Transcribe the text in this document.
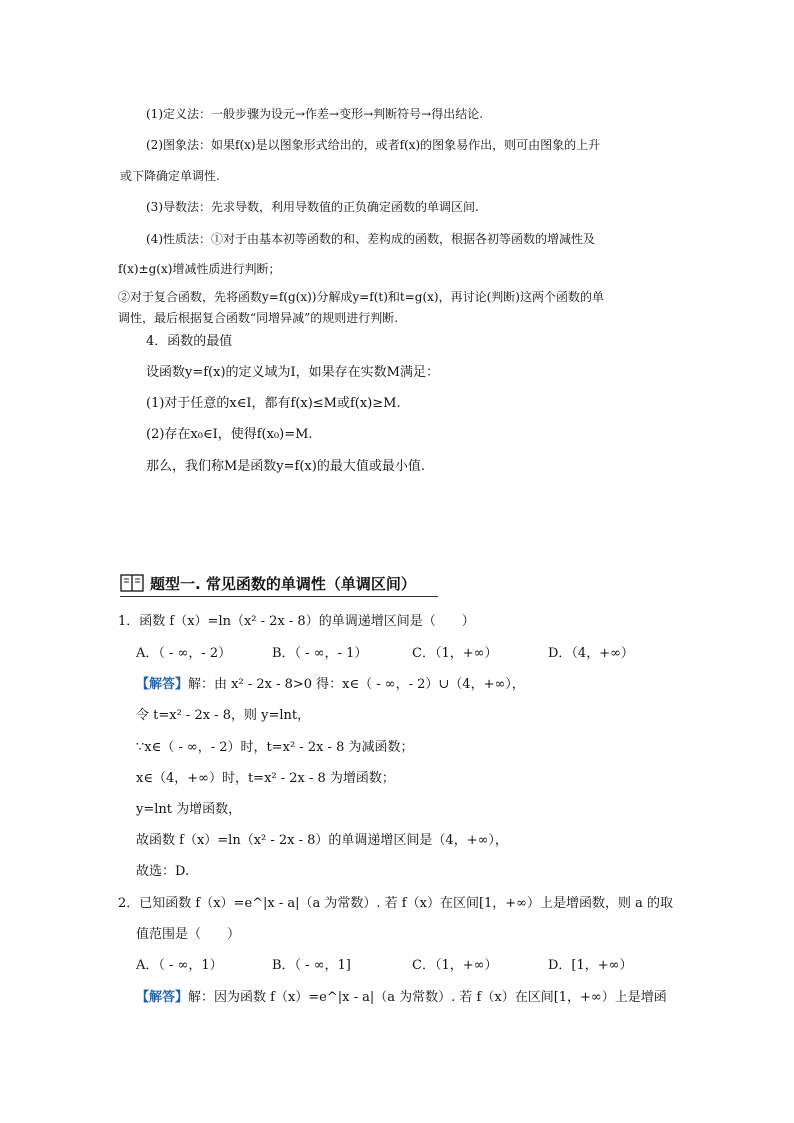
(1)定义法：一般步骤为设元→作差→变形→判断符号→得出结论.
(2)图象法：如果f(x)是以图象形式给出的，或者f(x)的图象易作出，则可由图象的上升
或下降确定单调性.
(3)导数法：先求导数，利用导数值的正负确定函数的单调区间.
(4)性质法：①对于由基本初等函数的和、差构成的函数，根据各初等函数的增减性及
f(x)±g(x)增减性质进行判断；
②对于复合函数，先将函数y=f(g(x))分解成y=f(t)和t=g(x)，再讨论(判断)这两个函数的单
调性，最后根据复合函数“同增异减”的规则进行判断.
4．函数的最值
设函数y=f(x)的定义域为I，如果存在实数M满足：
(1)对于任意的x∈I，都有f(x)≤M或f(x)≥M.
(2)存在x₀∈I，使得f(x₀)=M.
那么，我们称M是函数y=f(x)的最大值或最小值.
题型一. 常见函数的单调性（单调区间）
1．函数 f（x）=ln（x² - 2x - 8）的单调递增区间是（　　）
A．（ - ∞，- 2）	B．（ - ∞，- 1）	C．（1，+∞）	D．（4，+∞）
【解答】解：由 x² - 2x - 8>0 得：x∈（ - ∞，- 2）∪（4，+∞），
令 t=x² - 2x - 8，则 y=lnt，
∵x∈（ - ∞，- 2）时，t=x² - 2x - 8 为减函数；
x∈（4，+∞）时，t=x² - 2x - 8 为增函数；
y=lnt 为增函数，
故函数 f（x）=ln（x² - 2x - 8）的单调递增区间是（4，+∞），
故选：D.
2．已知函数 f（x）=e^|x - a|（a 为常数）. 若 f（x）在区间[1，+∞）上是增函数，则 a 的取
值范围是（　　）
A．（ - ∞，1）	B．（ - ∞，1]	C．（1，+∞）	D．[1，+∞）
【解答】解：因为函数 f（x）=e^|x - a|（a 为常数）. 若 f（x）在区间[1，+∞）上是增函
